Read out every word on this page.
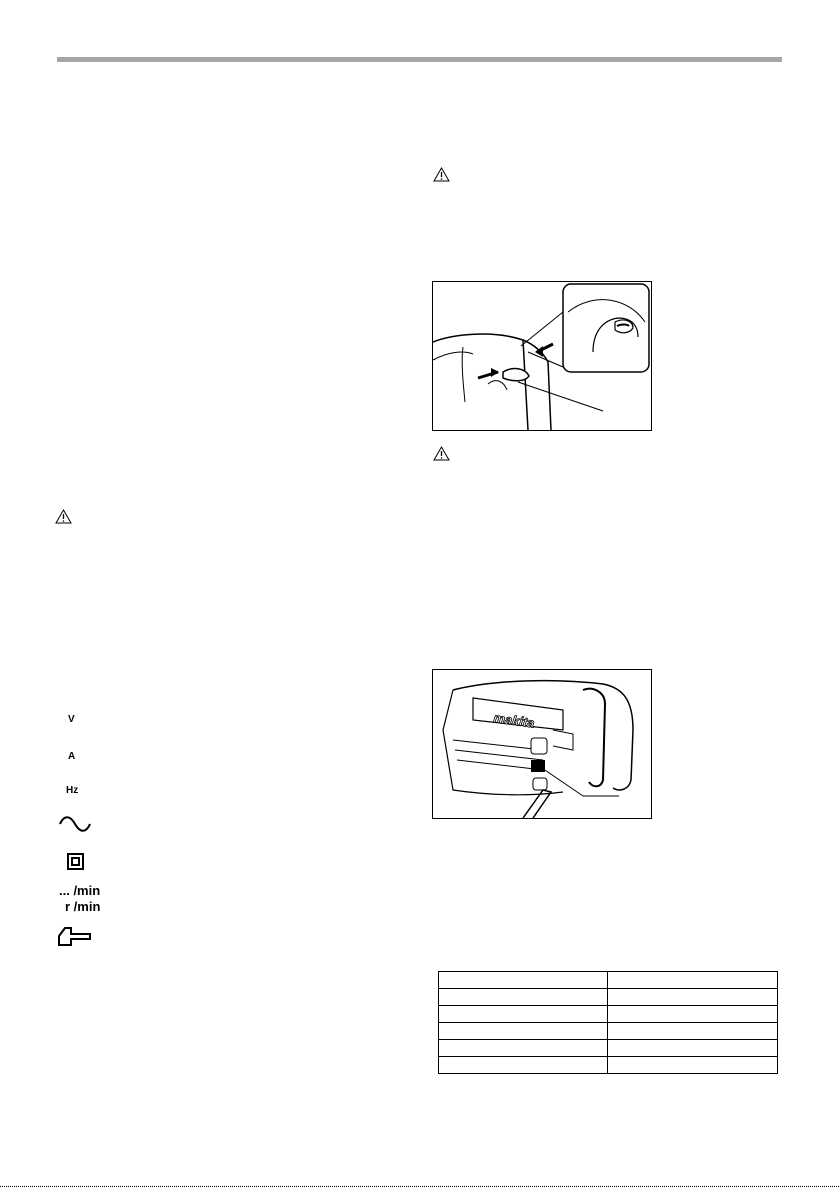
V
A
Hz
... /min
r /min
makita
